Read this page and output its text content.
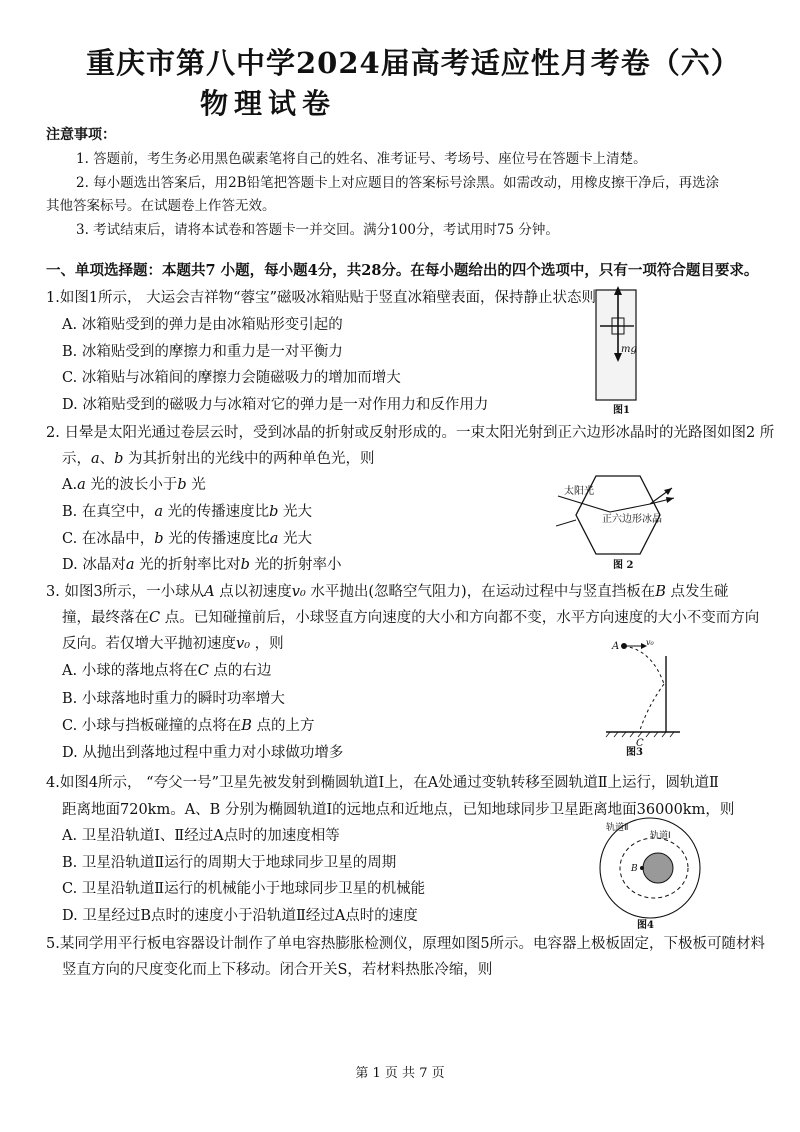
重庆市第八中学2024届高考适应性月考卷（六）
物理试卷
注意事项：
1. 答题前，考生务必用黑色碳素笔将自己的姓名、准考证号、考场号、座位号在答题卡上清楚。
2. 每小题选出答案后，用2B铅笔把答题卡上对应题目的答案标号涂黑。如需改动，用橡皮擦干净后，再选涂
其他答案标号。在试题卷上作答无效。
3. 考试结束后，请将本试卷和答题卡一并交回。满分100分，考试用时75 分钟。
一、单项选择题：本题共7 小题，每小题4分，共28分。在每小题给出的四个选项中，只有一项符合题目要求。
1.如图1所示， 大运会吉祥物“蓉宝”磁吸冰箱贴贴于竖直冰箱壁表面，保持静止状态则
A. 冰箱贴受到的弹力是由冰箱贴形变引起的
B. 冰箱贴受到的摩擦力和重力是一对平衡力
C. 冰箱贴与冰箱间的摩擦力会随磁吸力的增加而增大
D. 冰箱贴受到的磁吸力与冰箱对它的弹力是一对作用力和反作用力
mg
图1
2. 日晕是太阳光通过卷层云时，受到冰晶的折射或反射形成的。一束太阳光射到正六边形冰晶时的光路图如图2 所
示，a、b 为其折射出的光线中的两种单色光，则
A.a 光的波长小于b 光
B. 在真空中，a 光的传播速度比b 光大
C. 在冰晶中，b 光的传播速度比a 光大
D. 冰晶对a 光的折射率比对b 光的折射率小
太阳光
正六边形冰晶
图 2
3. 如图3所示，一小球从A 点以初速度v₀ 水平抛出(忽略空气阻力)，在运动过程中与竖直挡板在B 点发生碰
撞，最终落在C 点。已知碰撞前后，小球竖直方向速度的大小和方向都不变，水平方向速度的大小不变而方向
反向。若仅增大平抛初速度v₀ ，则
A. 小球的落地点将在C 点的右边
B. 小球落地时重力的瞬时功率增大
C. 小球与挡板碰撞的点将在B 点的上方
D. 从抛出到落地过程中重力对小球做功增多
A	v₀
C
图3
4.如图4所示， “夸父一号”卫星先被发射到椭圆轨道Ⅰ上，在A处通过变轨转移至圆轨道Ⅱ上运行，圆轨道Ⅱ
距离地面720km。A、B 分别为椭圆轨道Ⅰ的远地点和近地点，已知地球同步卫星距离地面36000km，则
A. 卫星沿轨道Ⅰ、Ⅱ经过A点时的加速度相等
B. 卫星沿轨道Ⅱ运行的周期大于地球同步卫星的周期
C. 卫星沿轨道Ⅱ运行的机械能小于地球同步卫星的机械能
D. 卫星经过B点时的速度小于沿轨道Ⅱ经过A点时的速度
轨道Ⅱ
轨道Ⅰ
B
图4
5.某同学用平行板电容器设计制作了单电容热膨胀检测仪，原理如图5所示。电容器上极板固定，下极板可随材料
竖直方向的尺度变化而上下移动。闭合开关S，若材料热胀冷缩，则
第 1 页 共 7 页
